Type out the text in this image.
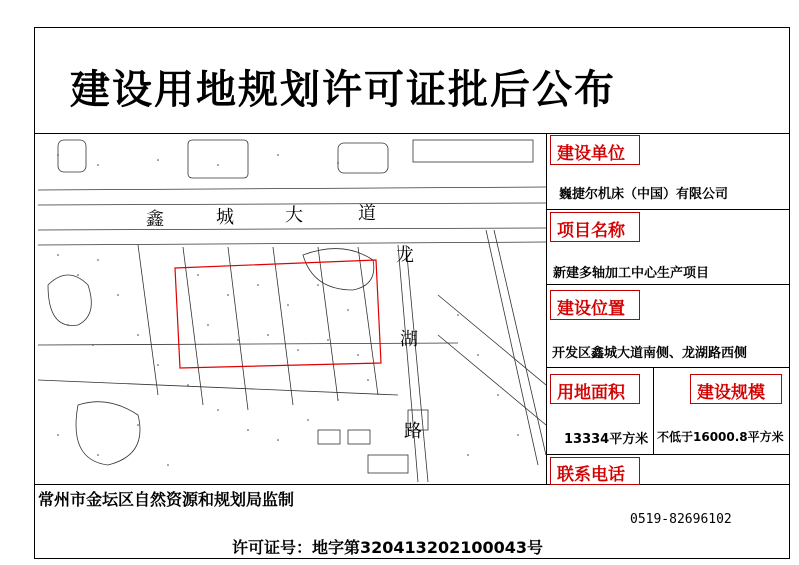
建设用地规划许可证批后公布
鑫	城	大	道
龙
湖
路
建设单位
巍捷尔机床（中国）有限公司
项目名称
新建多轴加工中心生产项目
建设位置
开发区鑫城大道南侧、龙湖路西侧
用地面积
13334平方米
建设规模
不低于16000.8平方米
联系电话
0519-82696102
常州市金坛区自然资源和规划局监制
许可证号：地字第320413202100043号
